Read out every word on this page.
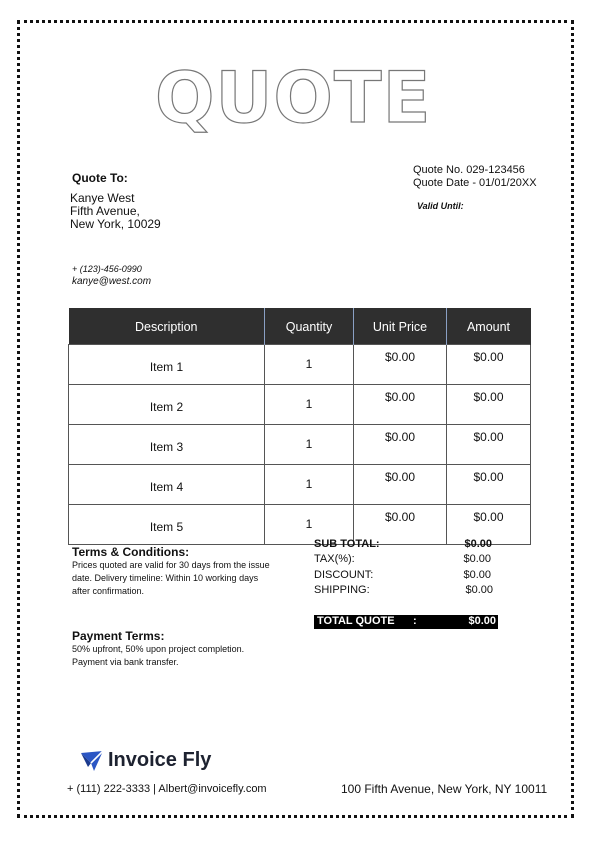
QUOTE
Quote To:
Kanye West
Fifth Avenue,
New York, 10029
+ (123)-456-0990
kanye@west.com
Quote No. 029-123456
Quote Date - 01/01/20XX
Valid Until:
Description	Quantity	Unit Price	Amount
Item 1	1	$0.00	$0.00
Item 2	1	$0.00	$0.00
Item 3	1	$0.00	$0.00
Item 4	1	$0.00	$0.00
Item 5	1	$0.00	$0.00
Terms & Conditions:
Prices quoted are valid for 30 days from the issue
date. Delivery timeline: Within 10 working days
after confirmation.
Payment Terms:
50% upfront, 50% upon project completion.
Payment via bank transfer.
SUB TOTAL:	$0.00
TAX(%):	$0.00
DISCOUNT:	$0.00
SHIPPING:	$0.00
TOTAL QUOTE :	$0.00
Invoice Fly
+ (111) 222-3333 | Albert@invoicefly.com	100 Fifth Avenue, New York, NY 10011
